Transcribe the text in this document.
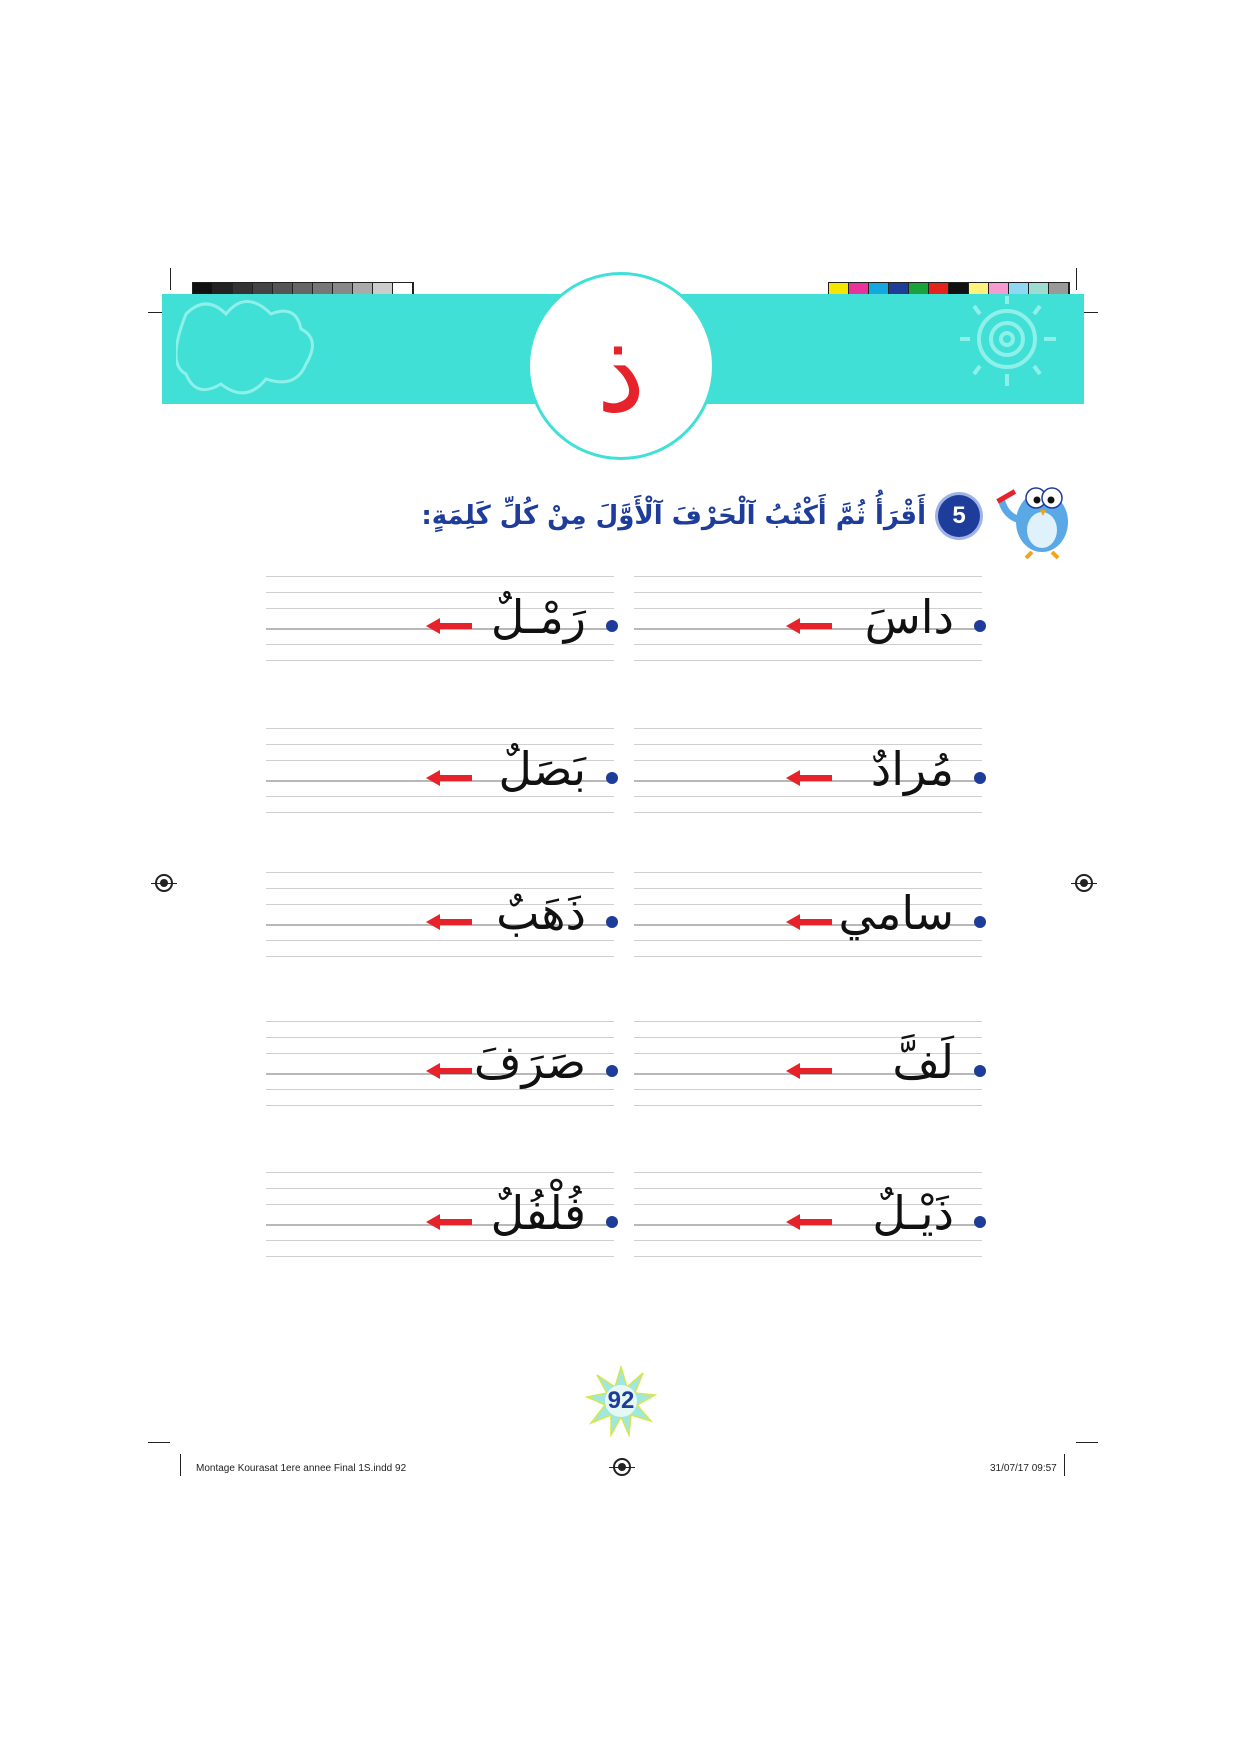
ذ
5
أَقْرَأُ ثُمَّ أَكْتُبُ آلْحَرْفَ آلْأَوَّلَ مِنْ كُلِّ كَلِمَةٍ:
رَمْـلٌ	داسَ
بَصَلٌ	مُرادٌ
ذَهَبٌ	سامي
صَرَفَ	لَفَّ
فُلْفُلٌ	ذَيْـلٌ
92
Montage Kourasat 1ere annee Final 1S.indd 92	31/07/17 09:57
